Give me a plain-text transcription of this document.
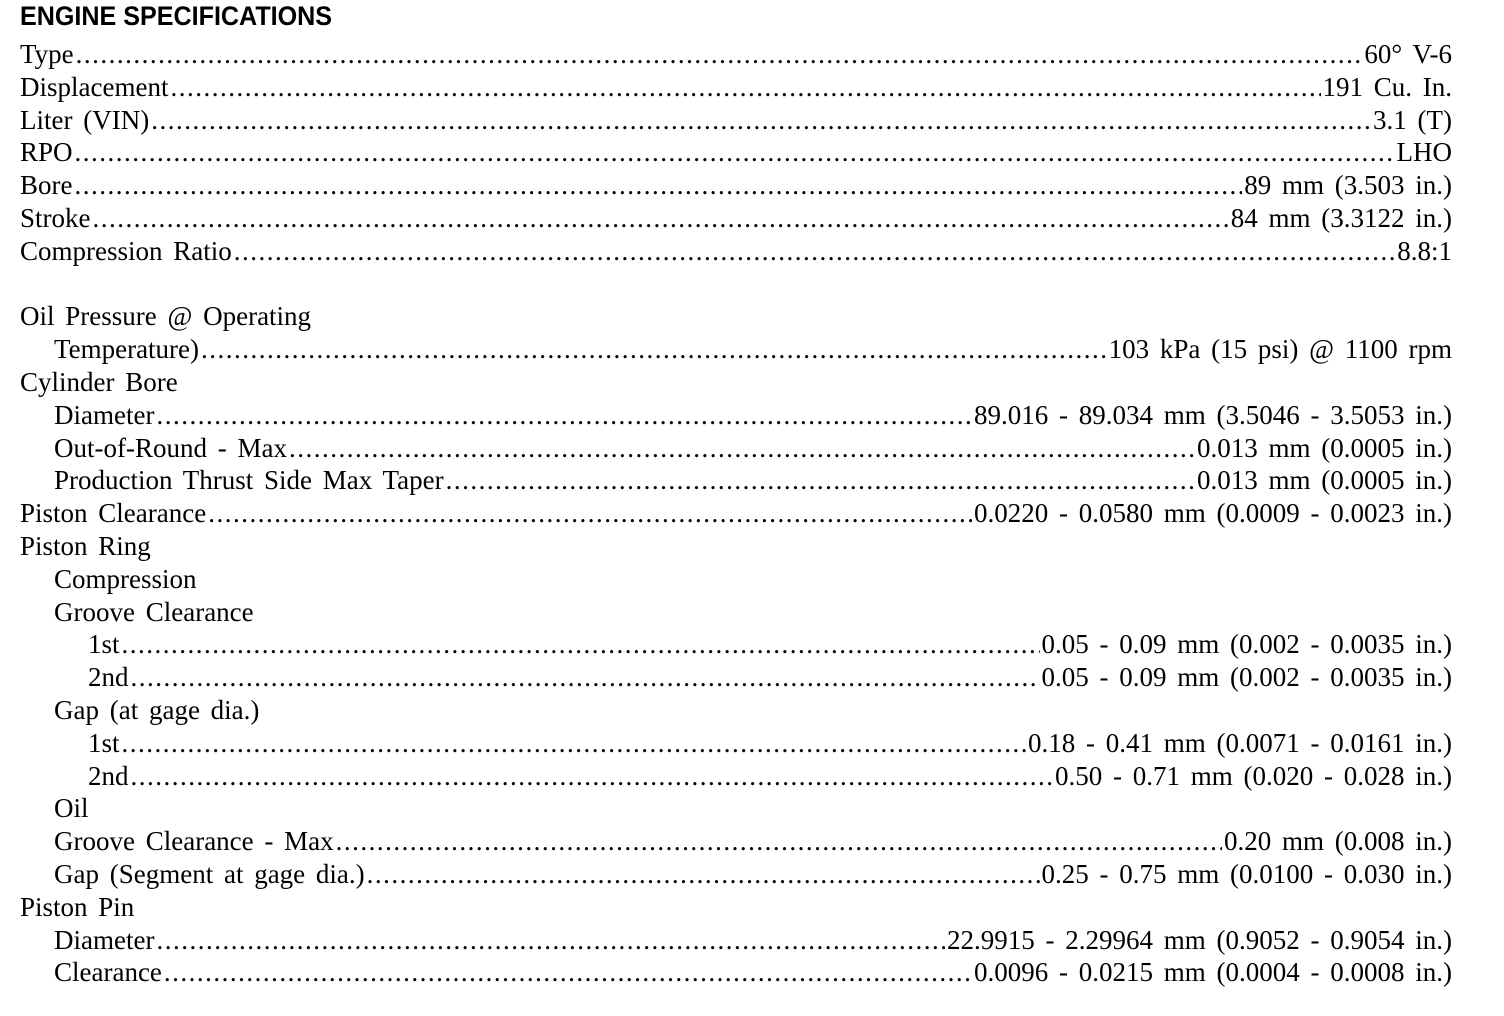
ENGINE SPECIFICATIONS
Type .....	60° V-6
Displacement .....	191 Cu. In.
Liter (VIN) .....	3.1 (T)
RPO .....	LHO
Bore .....	89 mm (3.503 in.)
Stroke .....	84 mm (3.3122 in.)
Compression Ratio .....	8.8:1
Oil Pressure @ Operating
Temperature) .....	103 kPa (15 psi) @ 1100 rpm
Cylinder Bore
Diameter .....	89.016 - 89.034 mm (3.5046 - 3.5053 in.)
Out-of-Round - Max .....	0.013 mm (0.0005 in.)
Production Thrust Side Max Taper .....	0.013 mm (0.0005 in.)
Piston Clearance .....	0.0220 - 0.0580 mm (0.0009 - 0.0023 in.)
Piston Ring
Compression
Groove Clearance
1st .....	0.05 - 0.09 mm (0.002 - 0.0035 in.)
2nd .....	0.05 - 0.09 mm (0.002 - 0.0035 in.)
Gap (at gage dia.)
1st .....	0.18 - 0.41 mm (0.0071 - 0.0161 in.)
2nd .....	0.50 - 0.71 mm (0.020 - 0.028 in.)
Oil
Groove Clearance - Max .....	0.20 mm (0.008 in.)
Gap (Segment at gage dia.) .....	0.25 - 0.75 mm (0.0100 - 0.030 in.)
Piston Pin
Diameter .....	22.9915 - 2.29964 mm (0.9052 - 0.9054 in.)
Clearance .....	0.0096 - 0.0215 mm (0.0004 - 0.0008 in.)
